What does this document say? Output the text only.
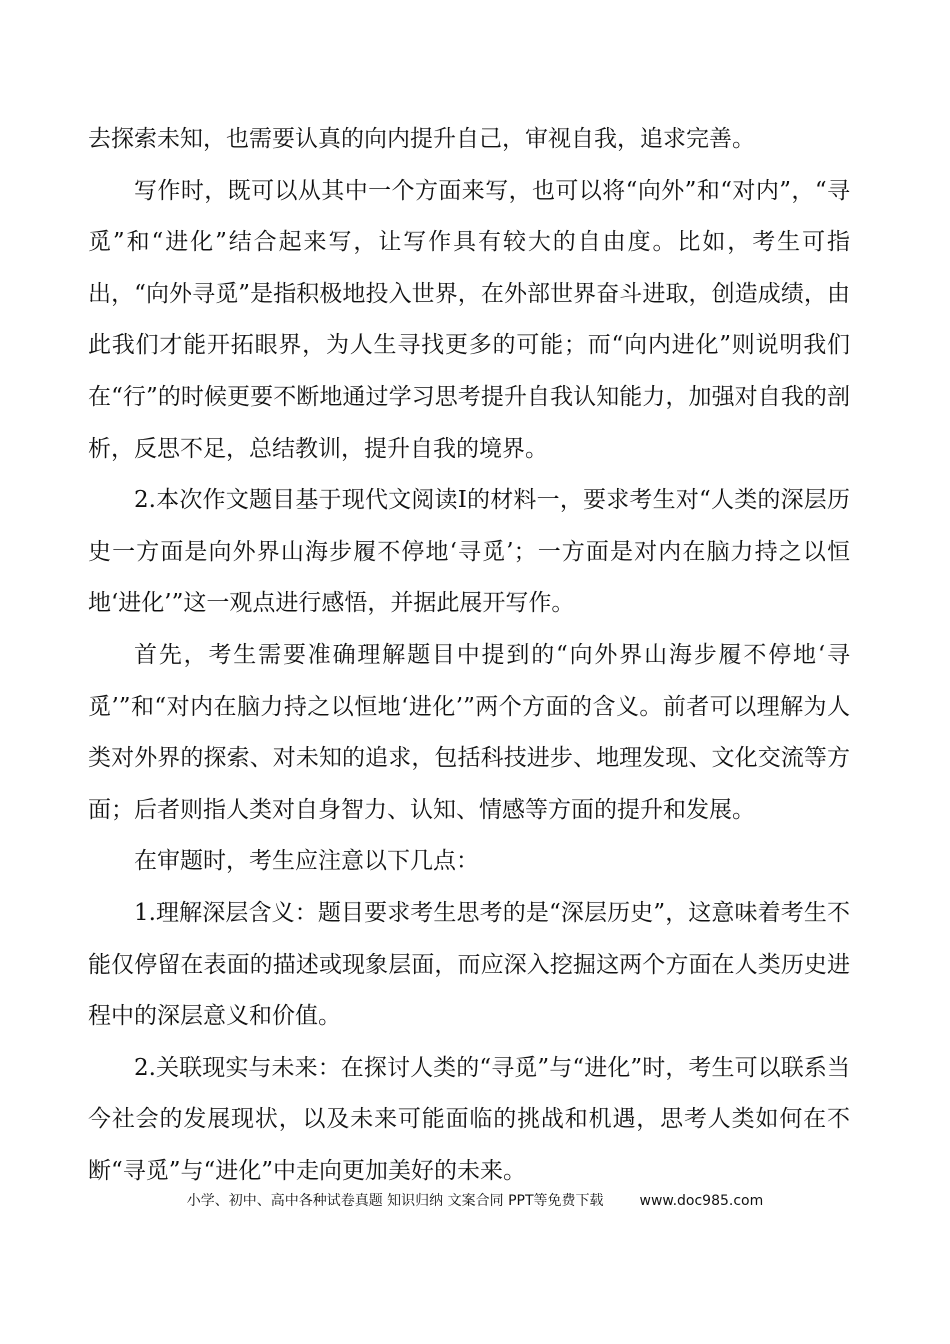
去探索未知，也需要认真的向内提升自己，审视自我，追求完善。

写作时，既可以从其中一个方面来写，也可以将“向外”和“对内”，“寻觅”和“进化”结合起来写，让写作具有较大的自由度。比如，考生可指出，“向外寻觅”是指积极地投入世界，在外部世界奋斗进取，创造成绩，由此我们才能开拓眼界，为人生寻找更多的可能；而“向内进化”则说明我们在“行”的时候更要不断地通过学习思考提升自我认知能力，加强对自我的剖析，反思不足，总结教训，提升自我的境界。

2.本次作文题目基于现代文阅读Ⅰ的材料一，要求考生对“人类的深层历史一方面是向外界山海步履不停地‘寻觅’；一方面是对内在脑力持之以恒地‘进化’”这一观点进行感悟，并据此展开写作。

首先，考生需要准确理解题目中提到的“向外界山海步履不停地‘寻觅’”和“对内在脑力持之以恒地‘进化’”两个方面的含义。前者可以理解为人类对外界的探索、对未知的追求，包括科技进步、地理发现、文化交流等方面；后者则指人类对自身智力、认知、情感等方面的提升和发展。

在审题时，考生应注意以下几点：

1.理解深层含义：题目要求考生思考的是“深层历史”，这意味着考生不能仅停留在表面的描述或现象层面，而应深入挖掘这两个方面在人类历史进程中的深层意义和价值。

2.关联现实与未来：在探讨人类的“寻觅”与“进化”时，考生可以联系当今社会的发展现状，以及未来可能面临的挑战和机遇，思考人类如何在不断“寻觅”与“进化”中走向更加美好的未来。

小学、初中、高中各种试卷真题 知识归纳 文案合同 PPT等免费下载	www.doc985.com
